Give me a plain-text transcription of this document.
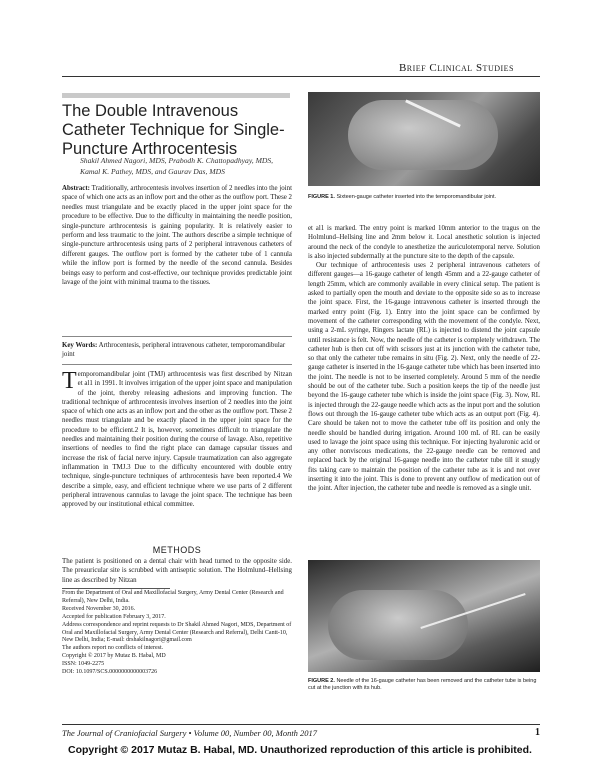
Brief Clinical Studies
The Double Intravenous Catheter Technique for Single-Puncture Arthrocentesis
Shakil Ahmed Nagori, MDS, Prabodh K. Chattopadhyay, MDS, Kamal K. Pathey, MDS, and Gaurav Das, MDS
Abstract: Traditionally, arthrocentesis involves insertion of 2 needles into the joint space of which one acts as an inflow port and the other as the outflow port. These 2 needles must triangulate and be exactly placed in the upper joint space for the procedure to be effective. Due to the difficulty in maintaining the needle position, single-puncture arthrocentesis is gaining popularity. It is relatively easier to perform and less traumatic to the joint. The authors describe a simple technique of single-puncture arthrocentesis using parts of 2 peripheral intravenous catheters of different gauges. The outflow port is formed by the catheter tube of 1 cannula while the inflow port is formed by the needle of the second cannula. Besides beings easy to perform and cost-effective, our technique provides predictable joint lavage of the joint with minimal trauma to the tissues.
Key Words: Arthrocentesis, peripheral intravenous catheter, temporomandibular joint
Temporomandibular joint (TMJ) arthrocentesis was first described by Nitzan et al1 in 1991. It involves irrigation of the upper joint space and manipulation of the joint, thereby releasing adhesions and improving function. The traditional technique of arthrocentesis involves insertion of 2 needles into the joint space of which one acts as an inflow port and the other as the outflow port. These 2 needles must triangulate and be exactly placed in the upper joint space for the procedure to be efficient.2 It is, however, sometimes difficult to triangulate the needles and maintaining their position during the course of lavage. Also, repetitive insertions of needles to find the right place can damage capsular tissues and increase the risk of facial nerve injury. Capsule traumatization can also aggregate inflammation in TMJ.3 Due to the difficulty encountered with double entry technique, single-puncture techniques of arthrocentesis have been reported.4 We describe a simple, easy, and efficient technique where we use parts of 2 different peripheral intravenous cannulas to lavage the joint space. The technique has been approved by our institutional ethical committee.
METHODS
The patient is positioned on a dental chair with head turned to the opposite side. The preauricular site is scrubbed with antiseptic solution. The Holmlund–Hellsing line as described by Nitzan

From the Department of Oral and Maxillofacial Surgery, Army Dental Center (Research and Referral), New Delhi, India.

Received November 30, 2016.

Accepted for publication February 3, 2017.

Address correspondence and reprint requests to Dr Shakil Ahmed Nagori, MDS, Department of Oral and Maxillofacial Surgery, Army Dental Center (Research and Referral), Delhi Cantt-10, New Delhi, India; E-mail: drshakilnagori@gmail.com

The authors report no conflicts of interest.

Copyright © 2017 by Mutaz B. Habal, MD

ISSN: 1049-2275

DOI: 10.1097/SCS.0000000000003726

FIGURE 1. Sixteen-gauge catheter inserted into the temporomandibular joint.

et al1 is marked. The entry point is marked 10mm anterior to the tragus on the Holmlund–Hellsing line and 2mm below it. Local anesthetic solution is injected around the neck of the condyle to anesthetize the auriculotemporal nerve. Solution is also injected subdermally at the puncture site to the depth of the capsule.

Our technique of arthrocentesis uses 2 peripheral intravenous catheters of different gauges—a 16-gauge catheter of length 45mm and a 22-gauge catheter of length 25mm, which are commonly available in every clinical setup. The patient is asked to partially open the mouth and deviate to the opposite side so as to increase the joint space. First, the 16-gauge intravenous catheter is inserted through the marked entry point (Fig. 1). Entry into the joint space can be confirmed by movement of the catheter corresponding with the movement of the condyle. Next, using a 2-mL syringe, Ringers lactate (RL) is injected to distend the joint capsule until resistance is felt. Now, the needle of the catheter is completely withdrawn. The catheter hub is then cut off with scissors just at its junction with the catheter tube, so that only the catheter tube remains in situ (Fig. 2). Next, only the needle of 22-gauge catheter is inserted in the 16-gauge catheter tube which has been inserted into the joint. The needle is not to be inserted completely. Around 5 mm of the needle should be out of the catheter tube. Such a position keeps the tip of the needle just beyond the 16-gauge catheter tube which is inside the joint space (Fig. 3). Now, RL is injected through the 22-gauge needle which acts as the input port and the solution flows out through the 16-gauge catheter tube which acts as an output port (Fig. 4). Care should be taken not to move the catheter tube off its position and only the needle should be handled during irrigation. Around 100 mL of RL can be easily used to lavage the joint space using this technique. For injecting hyaluronic acid or any other nonviscous medications, the 22-gauge needle can be removed and replaced back by the original 16-gauge needle into the catheter tube till it snugly fits taking care to maintain the position of the catheter tube as it is and not over inserting it into the joint. This is done to prevent any outflow of medication out of the joint. After injection, the catheter tube and needle is removed as a single unit.

FIGURE 2. Needle of the 16-gauge catheter has been removed and the catheter tube is being cut at the junction with its hub.
The Journal of Craniofacial Surgery • Volume 00, Number 00, Month 2017	1
Copyright © 2017 Mutaz B. Habal, MD. Unauthorized reproduction of this article is prohibited.
